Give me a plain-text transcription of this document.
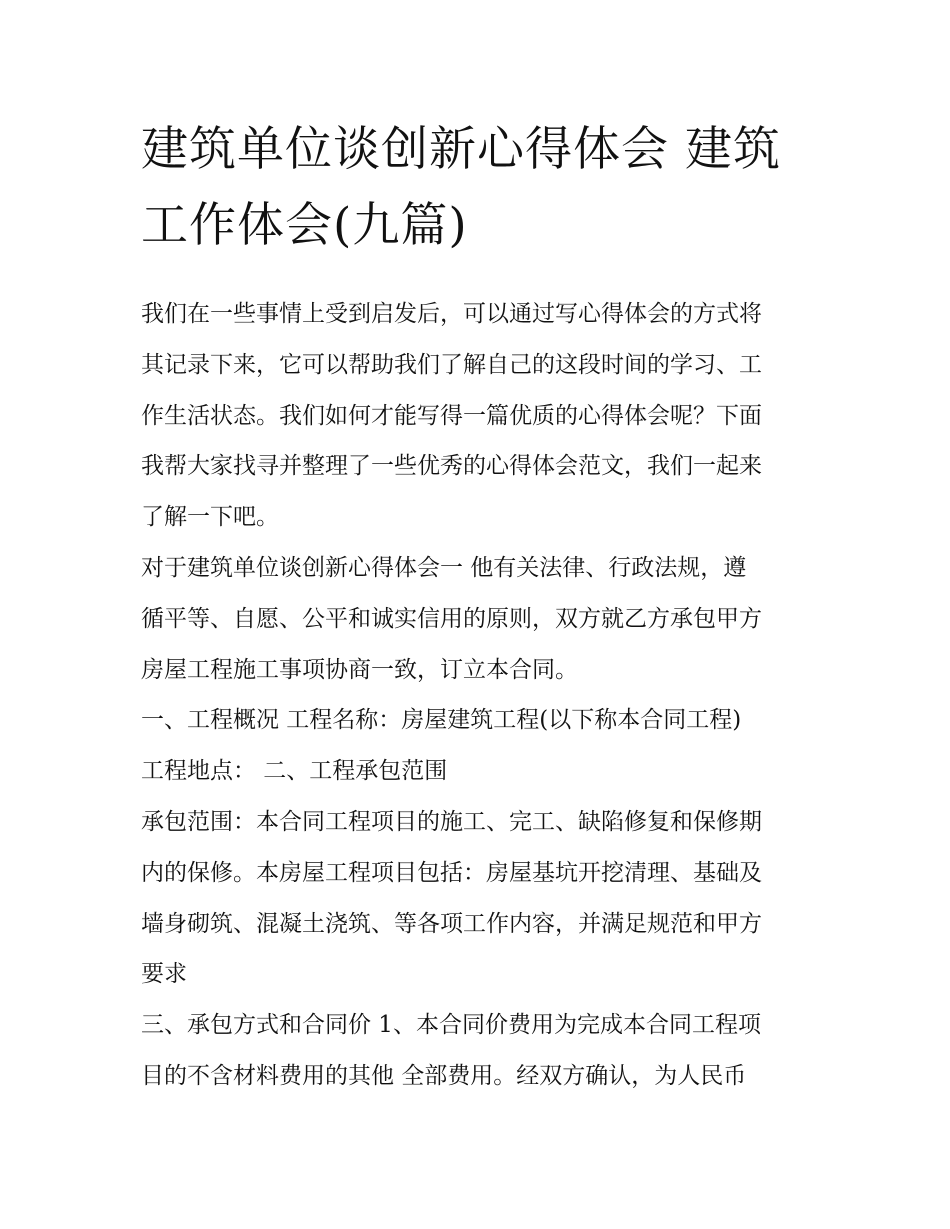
建筑单位谈创新心得体会 建筑
工作体会(九篇)

我们在一些事情上受到启发后，可以通过写心得体会的方式将
其记录下来，它可以帮助我们了解自己的这段时间的学习、工
作生活状态。我们如何才能写得一篇优质的心得体会呢？下面
我帮大家找寻并整理了一些优秀的心得体会范文，我们一起来
了解一下吧。

对于建筑单位谈创新心得体会一 他有关法律、行政法规，遵
循平等、自愿、公平和诚实信用的原则，双方就乙方承包甲方
房屋工程施工事项协商一致，订立本合同。

一、工程概况 工程名称：房屋建筑工程(以下称本合同工程)

工程地点： 二、工程承包范围

承包范围：本合同工程项目的施工、完工、缺陷修复和保修期
内的保修。本房屋工程项目包括：房屋基坑开挖清理、基础及
墙身砌筑、混凝土浇筑、等各项工作内容，并满足规范和甲方
要求

三、承包方式和合同价 1、本合同价费用为完成本合同工程项
目的不含材料费用的其他 全部费用。经双方确认，为人民币
